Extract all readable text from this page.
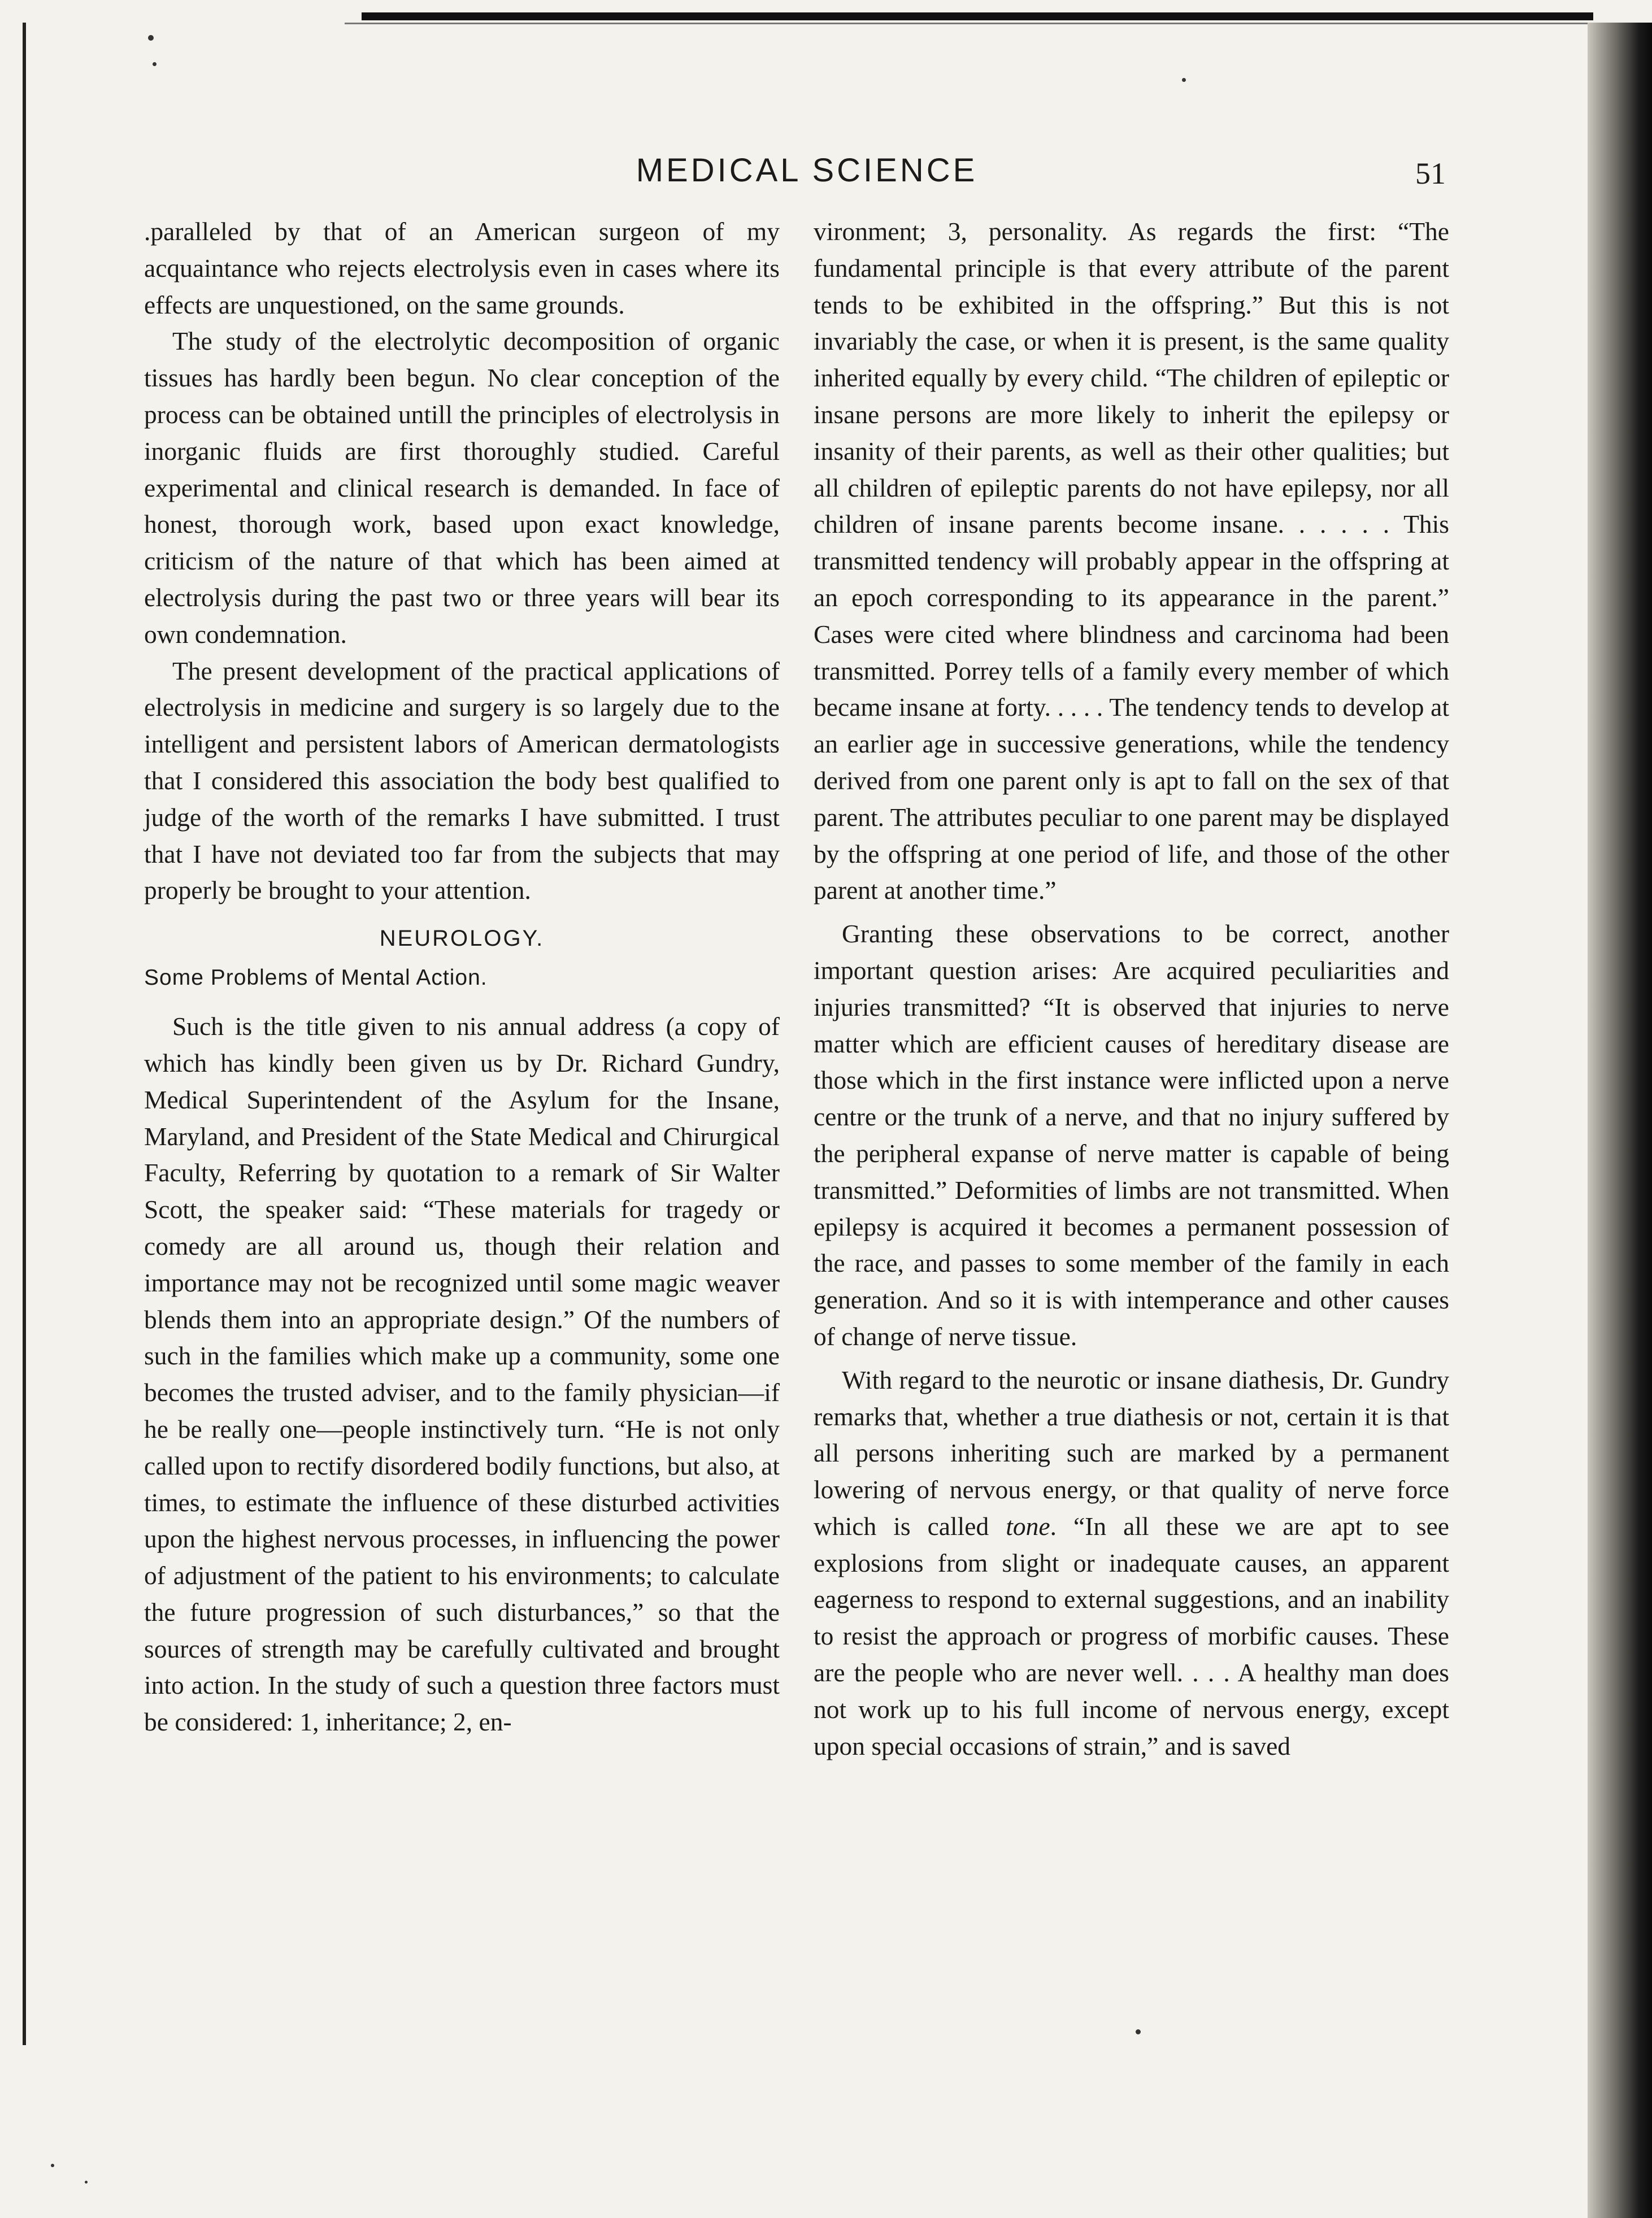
MEDICAL SCIENCE	51

.paralleled by that of an American surgeon of my acquaintance who rejects electrolysis even in cases where its effects are unquestioned, on the same grounds.

The study of the electrolytic decomposition of organic tissues has hardly been begun. No clear conception of the process can be obtained untill the principles of electrolysis in inorganic fluids are first thoroughly studied. Careful experimental and clinical research is demanded. In face of honest, thorough work, based upon exact knowledge, criticism of the nature of that which has been aimed at electrolysis during the past two or three years will bear its own condemnation.

The present development of the practical applications of electrolysis in medicine and surgery is so largely due to the intelligent and persistent labors of American dermatologists that I considered this association the body best qualified to judge of the worth of the remarks I have submitted. I trust that I have not deviated too far from the subjects that may properly be brought to your attention.

NEUROLOGY.
Some Problems of Mental Action.

Such is the title given to nis annual address (a copy of which has kindly been given us by Dr. Richard Gundry, Medical Superintendent of the Asylum for the Insane, Maryland, and President of the State Medical and Chirurgical Faculty, Referring by quotation to a remark of Sir Walter Scott, the speaker said: “These materials for tragedy or comedy are all around us, though their relation and importance may not be recognized until some magic weaver blends them into an appropriate design.” Of the numbers of such in the families which make up a community, some one becomes the trusted adviser, and to the family physician—if he be really one—people instinctively turn. “He is not only called upon to rectify disordered bodily functions, but also, at times, to estimate the influence of these disturbed activities upon the highest nervous processes, in influencing the power of adjustment of the patient to his environments; to calculate the future progression of such disturbances,” so that the sources of strength may be carefully cultivated and brought into action. In the study of such a question three factors must be considered: 1, inheritance; 2, en-

vironment; 3, personality. As regards the first: “The fundamental principle is that every attribute of the parent tends to be exhibited in the offspring.” But this is not invariably the case, or when it is present, is the same quality inherited equally by every child. “The children of epileptic or insane persons are more likely to inherit the epilepsy or insanity of their parents, as well as their other qualities; but all children of epileptic parents do not have epilepsy, nor all children of insane parents become insane. . . . . . This transmitted tendency will probably appear in the offspring at an epoch corresponding to its appearance in the parent.” Cases were cited where blindness and carcinoma had been transmitted. Porrey tells of a family every member of which became insane at forty. . . . . The tendency tends to develop at an earlier age in successive generations, while the tendency derived from one parent only is apt to fall on the sex of that parent. The attributes peculiar to one parent may be displayed by the offspring at one period of life, and those of the other parent at another time.”

Granting these observations to be correct, another important question arises: Are acquired peculiarities and injuries transmitted? “It is observed that injuries to nerve matter which are efficient causes of hereditary disease are those which in the first instance were inflicted upon a nerve centre or the trunk of a nerve, and that no injury suffered by the peripheral expanse of nerve matter is capable of being transmitted.” Deformities of limbs are not transmitted. When epilepsy is acquired it becomes a permanent possession of the race, and passes to some member of the family in each generation. And so it is with intemperance and other causes of change of nerve tissue.

With regard to the neurotic or insane diathesis, Dr. Gundry remarks that, whether a true diathesis or not, certain it is that all persons inheriting such are marked by a permanent lowering of nervous energy, or that quality of nerve force which is called tone. “In all these we are apt to see explosions from slight or inadequate causes, an apparent eagerness to respond to external suggestions, and an inability to resist the approach or progress of morbific causes. These are the people who are never well. . . . A healthy man does not work up to his full income of nervous energy, except upon special occasions of strain,” and is saved
